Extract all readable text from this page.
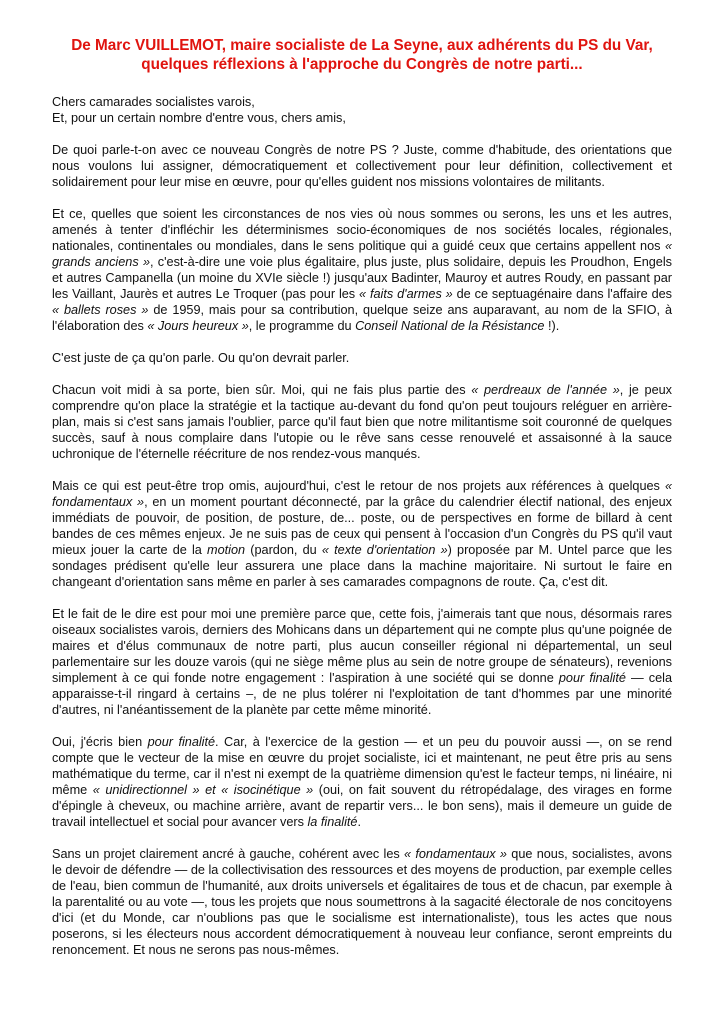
De Marc VUILLEMOT, maire socialiste de La Seyne, aux adhérents du PS du Var,
quelques réflexions à l'approche du Congrès de notre parti...

Chers camarades socialistes varois,
Et, pour un certain nombre d'entre vous, chers amis,

De quoi parle-t-on avec ce nouveau Congrès de notre PS ? Juste, comme d'habitude, des orientations que nous voulons lui assigner, démocratiquement et collectivement pour leur définition, collectivement et solidairement pour leur mise en œuvre, pour qu'elles guident nos missions volontaires de militants.

Et ce, quelles que soient les circonstances de nos vies où nous sommes ou serons, les uns et les autres, amenés à tenter d'infléchir les déterminismes socio-économiques de nos sociétés locales, régionales, nationales, continentales ou mondiales, dans le sens politique qui a guidé ceux que certains appellent nos « grands anciens », c'est-à-dire une voie plus égalitaire, plus juste, plus solidaire, depuis les Proudhon, Engels et autres Campanella (un moine du XVIe siècle !) jusqu'aux Badinter, Mauroy et autres Roudy, en passant par les Vaillant, Jaurès et autres Le Troquer (pas pour les « faits d'armes » de ce septuagénaire dans l'affaire des « ballets roses » de 1959, mais pour sa contribution, quelque seize ans auparavant, au nom de la SFIO, à l'élaboration des « Jours heureux », le programme du Conseil National de la Résistance !).

C'est juste de ça qu'on parle. Ou qu'on devrait parler.

Chacun voit midi à sa porte, bien sûr. Moi, qui ne fais plus partie des « perdreaux de l'année », je peux comprendre qu'on place la stratégie et la tactique au-devant du fond qu'on peut toujours reléguer en arrière-plan, mais si c'est sans jamais l'oublier, parce qu'il faut bien que notre militantisme soit couronné de quelques succès, sauf à nous complaire dans l'utopie ou le rêve sans cesse renouvelé et assaisonné à la sauce uchronique de l'éternelle réécriture de nos rendez-vous manqués.

Mais ce qui est peut-être trop omis, aujourd'hui, c'est le retour de nos projets aux références à quelques « fondamentaux », en un moment pourtant déconnecté, par la grâce du calendrier électif national, des enjeux immédiats de pouvoir, de position, de posture, de... poste, ou de perspectives en forme de billard à cent bandes de ces mêmes enjeux. Je ne suis pas de ceux qui pensent à l'occasion d'un Congrès du PS qu'il vaut mieux jouer la carte de la motion (pardon, du « texte d'orientation ») proposée par M. Untel parce que les sondages prédisent qu'elle leur assurera une place dans la machine majoritaire. Ni surtout le faire en changeant d'orientation sans même en parler à ses camarades compagnons de route. Ça, c'est dit.

Et le fait de le dire est pour moi une première parce que, cette fois, j'aimerais tant que nous, désormais rares oiseaux socialistes varois, derniers des Mohicans dans un département qui ne compte plus qu'une poignée de maires et d'élus communaux de notre parti, plus aucun conseiller régional ni départemental, un seul parlementaire sur les douze varois (qui ne siège même plus au sein de notre groupe de sénateurs), revenions simplement à ce qui fonde notre engagement : l'aspiration à une société qui se donne pour finalité — cela apparaisse-t-il ringard à certains –, de ne plus tolérer ni l'exploitation de tant d'hommes par une minorité d'autres, ni l'anéantissement de la planète par cette même minorité.

Oui, j'écris bien pour finalité. Car, à l'exercice de la gestion — et un peu du pouvoir aussi —, on se rend compte que le vecteur de la mise en œuvre du projet socialiste, ici et maintenant, ne peut être pris au sens mathématique du terme, car il n'est ni exempt de la quatrième dimension qu'est le facteur temps, ni linéaire, ni même « unidirectionnel » et « isocinétique » (oui, on fait souvent du rétropédalage, des virages en forme d'épingle à cheveux, ou machine arrière, avant de repartir vers... le bon sens), mais il demeure un guide de travail intellectuel et social pour avancer vers la finalité.

Sans un projet clairement ancré à gauche, cohérent avec les « fondamentaux » que nous, socialistes, avons le devoir de défendre — de la collectivisation des ressources et des moyens de production, par exemple celles de l'eau, bien commun de l'humanité, aux droits universels et égalitaires de tous et de chacun, par exemple à la parentalité ou au vote —, tous les projets que nous soumettrons à la sagacité électorale de nos concitoyens d'ici (et du Monde, car n'oublions pas que le socialisme est internationaliste), tous les actes que nous poserons, si les électeurs nous accordent démocratiquement à nouveau leur confiance, seront empreints du renoncement. Et nous ne serons pas nous-mêmes.
